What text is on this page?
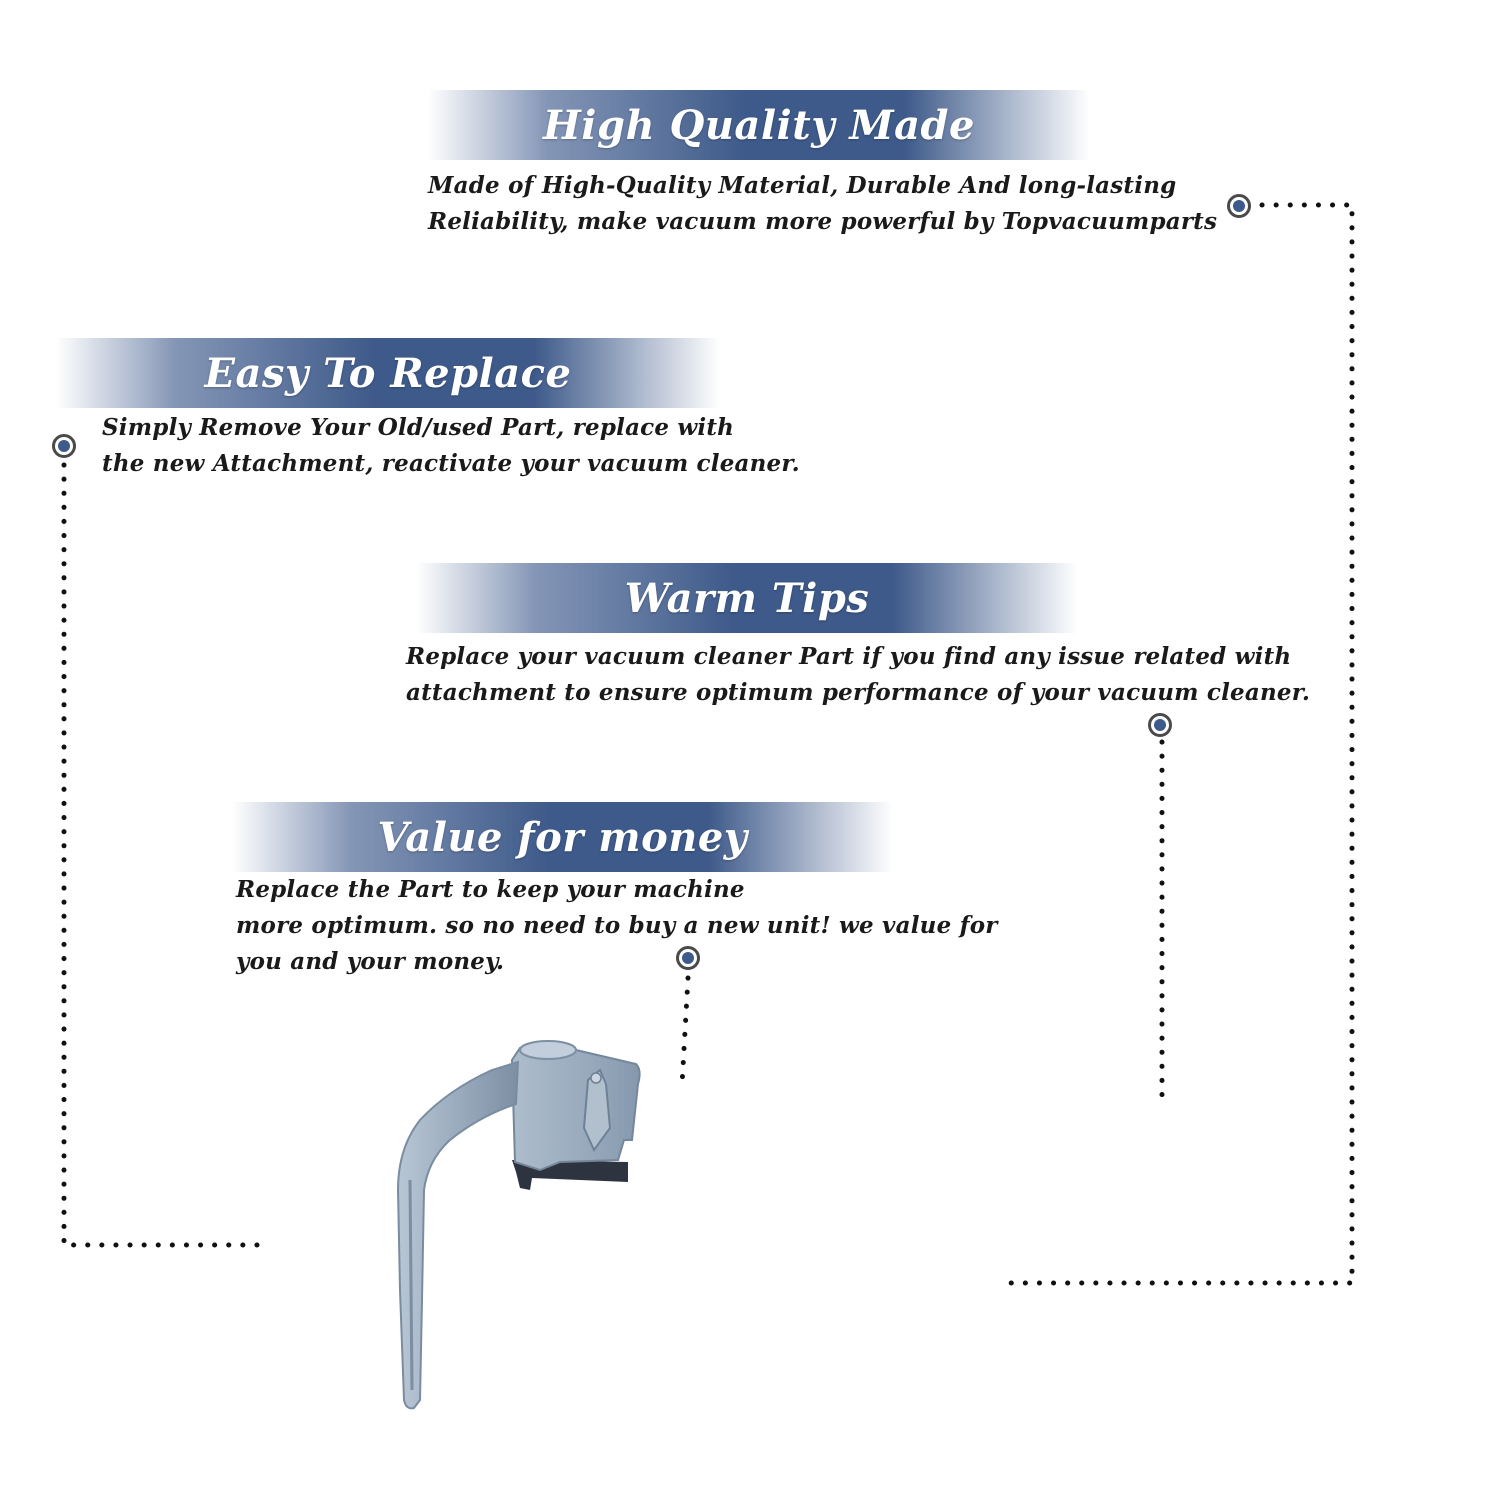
High Quality Made
Made of High-Quality Material, Durable And long-lasting
Reliability, make vacuum more powerful by Topvacuumparts
Easy To Replace
Simply Remove Your Old/used Part, replace with
the new Attachment, reactivate your vacuum cleaner.
Warm Tips
Replace your vacuum cleaner Part if you find any issue related with
attachment to ensure optimum performance of your vacuum cleaner.
Value for money
Replace the Part to keep your machine
more optimum. so no need to buy a new unit! we value for
you and your money.
